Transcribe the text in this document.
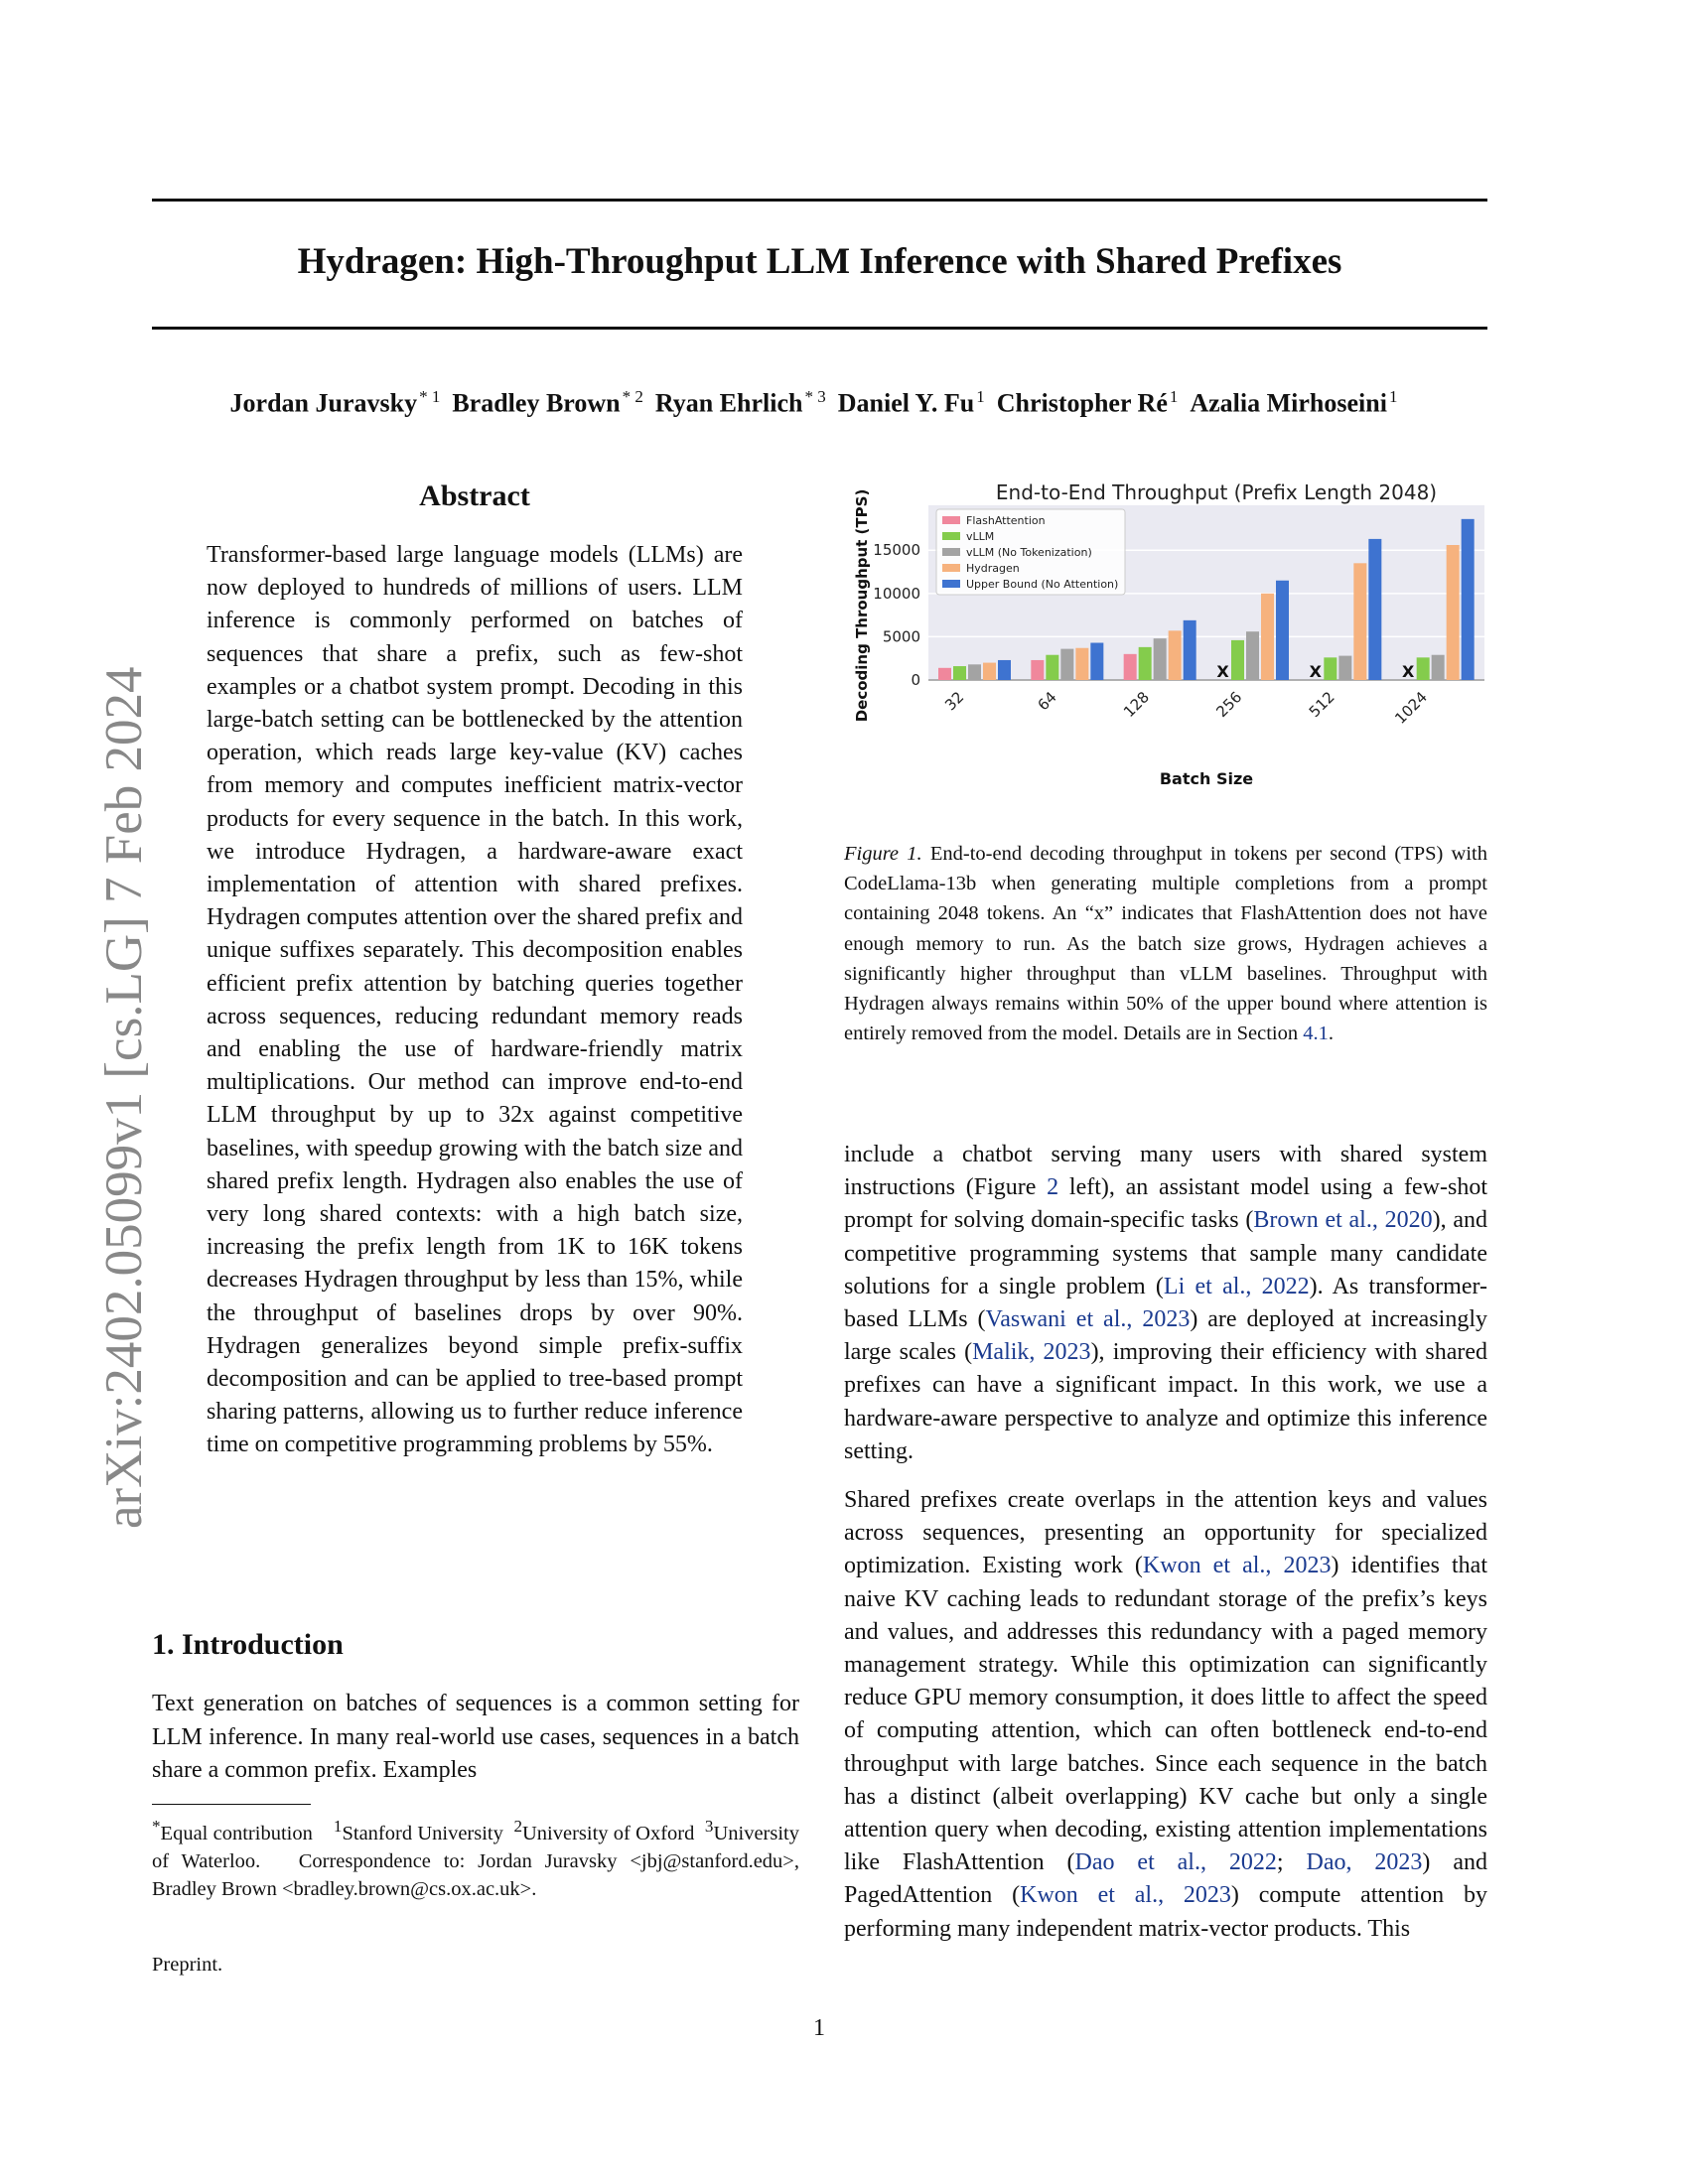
arXiv:2402.05099v1 [cs.LG] 7 Feb 2024
Hydragen: High-Throughput LLM Inference with Shared Prefixes
Jordan Juravsky $^{* 1}$ Bradley Brown $^{* 2}$ Ryan Ehrlich $^{* 3}$ Daniel Y. Fu $^1$ Christopher Ré $^1$ Azalia Mirhoseini $^1$
Abstract
Transformer-based large language models (LLMs) are now deployed to hundreds of millions of users. LLM inference is commonly performed on batches of sequences that share a prefix, such as few-shot examples or a chatbot system prompt. Decoding in this large-batch setting can be bottlenecked by the attention operation, which reads large key-value (KV) caches from memory and computes inefficient matrix-vector products for every sequence in the batch. In this work, we introduce Hydragen, a hardware-aware exact implementation of attention with shared prefixes. Hydragen computes attention over the shared prefix and unique suffixes separately. This decomposition enables efficient prefix attention by batching queries together across sequences, reducing redundant memory reads and enabling the use of hardware-friendly matrix multiplications. Our method can improve end-to-end LLM throughput by up to 32x against competitive baselines, with speedup growing with the batch size and shared prefix length. Hydragen also enables the use of very long shared contexts: with a high batch size, increasing the prefix length from 1K to 16K tokens decreases Hydragen throughput by less than 15%, while the throughput of baselines drops by over 90%. Hydragen generalizes beyond simple prefix-suffix decomposition and can be applied to tree-based prompt sharing patterns, allowing us to further reduce inference time on competitive programming problems by 55%.
1. Introduction
Text generation on batches of sequences is a common setting for LLM inference. In many real-world use cases, sequences in a batch share a common prefix. Examples
*Equal contribution $^1$Stanford University $^2$University of Oxford $^3$University of Waterloo. Correspondence to: Jordan Juravsky <jbj@stanford.edu>, Bradley Brown <bradley.brown@cs.ox.ac.uk>.
Preprint.
End-to-End Throughput (Prefix Length 2048)
0
5000
10000
15000
32	64	128
X
256
X
512
X
1024
Batch Size
Decoding Throughput (TPS)	FlashAttention
vLLM
vLLM (No Tokenization)
Hydragen
Upper Bound (No Attention)
Figure 1. End-to-end decoding throughput in tokens per second (TPS) with CodeLlama-13b when generating multiple completions from a prompt containing 2048 tokens. An “x” indicates that FlashAttention does not have enough memory to run. As the batch size grows, Hydragen achieves a significantly higher throughput than vLLM baselines. Throughput with Hydragen always remains within 50% of the upper bound where attention is entirely removed from the model. Details are in Section 4.1.
include a chatbot serving many users with shared system instructions (Figure 2 left), an assistant model using a few-shot prompt for solving domain-specific tasks (Brown et al., 2020), and competitive programming systems that sample many candidate solutions for a single problem (Li et al., 2022). As transformer-based LLMs (Vaswani et al., 2023) are deployed at increasingly large scales (Malik, 2023), improving their efficiency with shared prefixes can have a significant impact. In this work, we use a hardware-aware perspective to analyze and optimize this inference setting.
Shared prefixes create overlaps in the attention keys and values across sequences, presenting an opportunity for specialized optimization. Existing work (Kwon et al., 2023) identifies that naive KV caching leads to redundant storage of the prefix’s keys and values, and addresses this redundancy with a paged memory management strategy. While this optimization can significantly reduce GPU memory consumption, it does little to affect the speed of computing attention, which can often bottleneck end-to-end throughput with large batches. Since each sequence in the batch has a distinct (albeit overlapping) KV cache but only a single attention query when decoding, existing attention implementations like FlashAttention (Dao et al., 2022; Dao, 2023) and PagedAttention (Kwon et al., 2023) compute attention by performing many independent matrix-vector products. This
1
